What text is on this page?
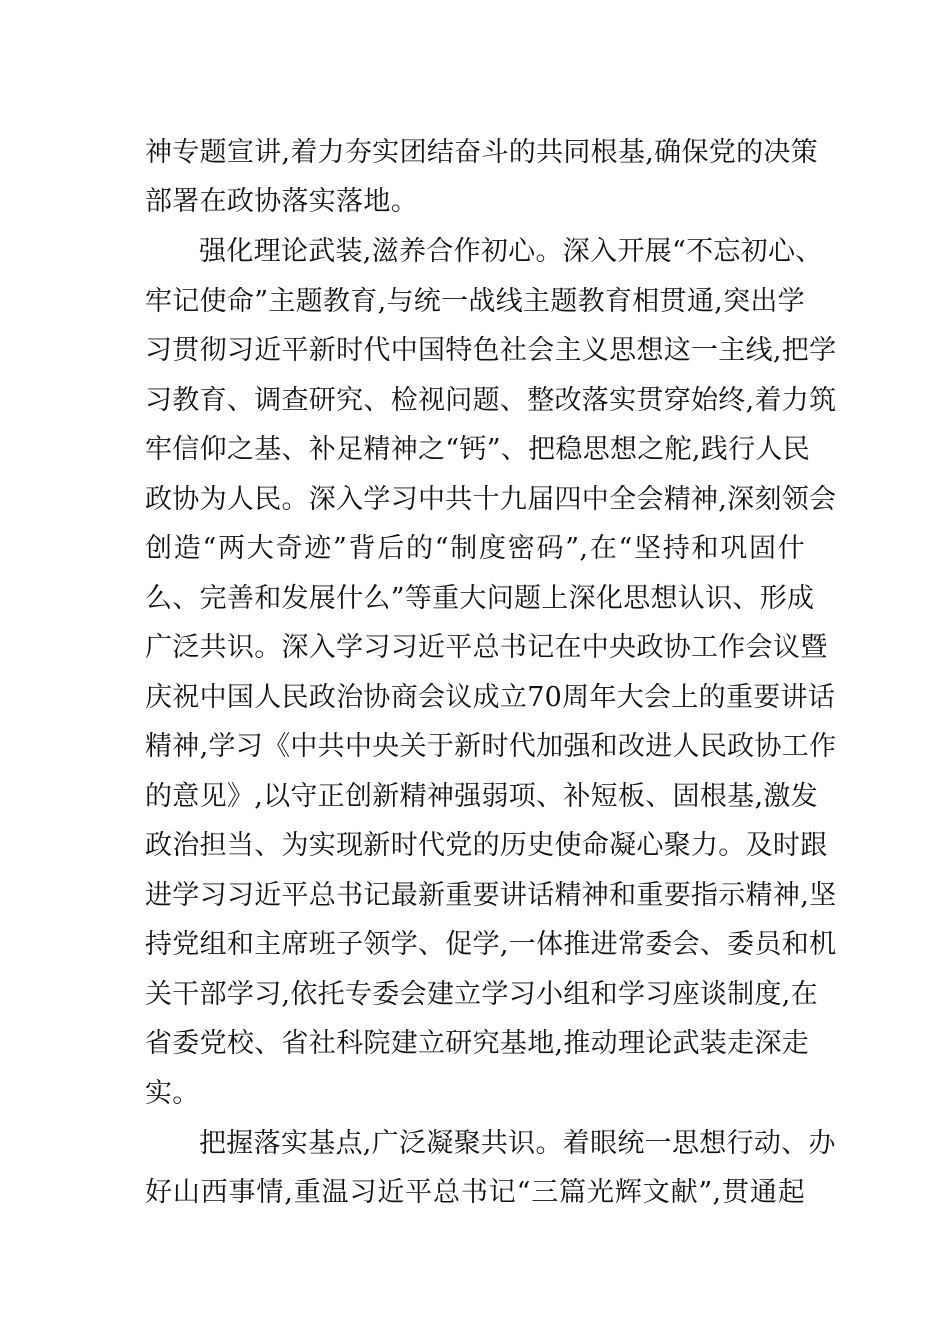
神专题宣讲,着力夯实团结奋斗的共同根基,确保党的决策
部署在政协落实落地。
强化理论武装,滋养合作初心。深入开展“不忘初心、
牢记使命”主题教育,与统一战线主题教育相贯通,突出学
习贯彻习近平新时代中国特色社会主义思想这一主线,把学
习教育、调查研究、检视问题、整改落实贯穿始终,着力筑
牢信仰之基、补足精神之“钙”、把稳思想之舵,践行人民
政协为人民。深入学习中共十九届四中全会精神,深刻领会
创造“两大奇迹”背后的“制度密码”,在“坚持和巩固什
么、完善和发展什么”等重大问题上深化思想认识、形成
广泛共识。深入学习习近平总书记在中央政协工作会议暨
庆祝中国人民政治协商会议成立70周年大会上的重要讲话
精神,学习《中共中央关于新时代加强和改进人民政协工作
的意见》,以守正创新精神强弱项、补短板、固根基,激发
政治担当、为实现新时代党的历史使命凝心聚力。及时跟
进学习习近平总书记最新重要讲话精神和重要指示精神,坚
持党组和主席班子领学、促学,一体推进常委会、委员和机
关干部学习,依托专委会建立学习小组和学习座谈制度,在
省委党校、省社科院建立研究基地,推动理论武装走深走
实。
把握落实基点,广泛凝聚共识。着眼统一思想行动、办
好山西事情,重温习近平总书记“三篇光辉文献”,贯通起
